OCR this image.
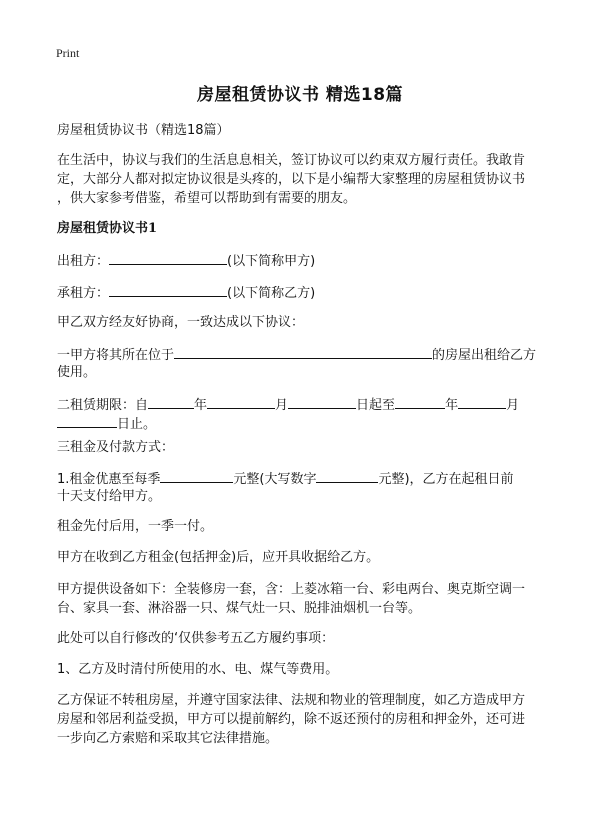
Print
房屋租赁协议书 精选18篇
房屋租赁协议书（精选18篇）
在生活中，协议与我们的生活息息相关，签订协议可以约束双方履行责任。我敢肯
定，大部分人都对拟定协议很是头疼的，以下是小编帮大家整理的房屋租赁协议书
，供大家参考借鉴，希望可以帮助到有需要的朋友。
房屋租赁协议书1
出租方：	(以下简称甲方)
承租方：	(以下简称乙方)
甲乙双方经友好协商，一致达成以下协议：
一甲方将其所在位于	的房屋出租给乙方
使用。
二租赁期限：自	年	月	日起至	年	月
日止。
三租金及付款方式：
1.租金优惠至每季	元整(大写数字	元整)，乙方在起租日前
十天支付给甲方。
租金先付后用，一季一付。
甲方在收到乙方租金(包括押金)后，应开具收据给乙方。
甲方提供设备如下：全装修房一套，含：上菱冰箱一台、彩电两台、奥克斯空调一
台、家具一套、淋浴器一只、煤气灶一只、脱排油烟机一台等。
此处可以自行修改的‘仅供参考五乙方履约事项：
1、乙方及时清付所使用的水、电、煤气等费用。
乙方保证不转租房屋，并遵守国家法律、法规和物业的管理制度，如乙方造成甲方
房屋和邻居利益受损，甲方可以提前解约，除不返还预付的房租和押金外，还可进
一步向乙方索赔和采取其它法律措施。
